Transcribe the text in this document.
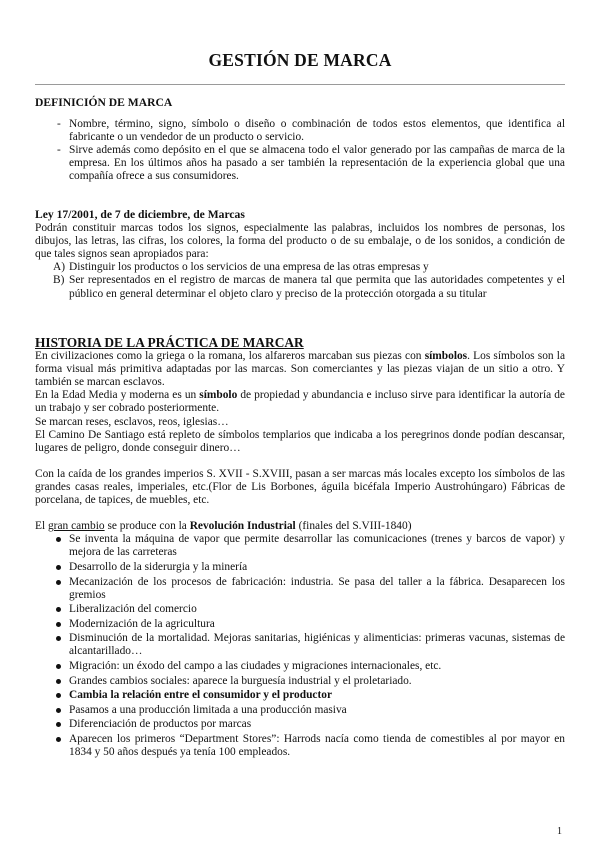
GESTIÓN DE MARCA
DEFINICIÓN DE MARCA
- Nombre, término, signo, símbolo o diseño o combinación de todos estos elementos, que identifica al fabricante o un vendedor de un producto o servicio.
- Sirve además como depósito en el que se almacena todo el valor generado por las campañas de marca de la empresa. En los últimos años ha pasado a ser también la representación de la experiencia global que una compañía ofrece a sus consumidores.
Ley 17/2001, de 7 de diciembre, de Marcas
Podrán constituir marcas todos los signos, especialmente las palabras, incluidos los nombres de personas, los dibujos, las letras, las cifras, los colores, la forma del producto o de su embalaje, o de los sonidos, a condición de que tales signos sean apropiados para:
A) Distinguir los productos o los servicios de una empresa de las otras empresas y
B) Ser representados en el registro de marcas de manera tal que permita que las autoridades competentes y el público en general determinar el objeto claro y preciso de la protección otorgada a su titular
HISTORIA DE LA PRÁCTICA DE MARCAR
En civilizaciones como la griega o la romana, los alfareros marcaban sus piezas con símbolos. Los símbolos son la forma visual más primitiva adaptadas por las marcas. Son comerciantes y las piezas viajan de un sitio a otro. Y también se marcan esclavos.
En la Edad Media y moderna es un símbolo de propiedad y abundancia e incluso sirve para identificar la autoría de un trabajo y ser cobrado posteriormente.
Se marcan reses, esclavos, reos, iglesias…
El Camino De Santiago está repleto de símbolos templarios que indicaba a los peregrinos donde podían descansar, lugares de peligro, donde conseguir dinero…
Con la caída de los grandes imperios S. XVII - S.XVIII, pasan a ser marcas más locales excepto los símbolos de las grandes casas reales, imperiales, etc.(Flor de Lis Borbones, águila bicéfala Imperio Austrohúngaro) Fábricas de porcelana, de tapices, de muebles, etc.
El gran cambio se produce con la Revolución Industrial (finales del S.VIII-1840)
Se inventa la máquina de vapor que permite desarrollar las comunicaciones (trenes y barcos de vapor) y mejora de las carreteras
Desarrollo de la siderurgia y la minería
Mecanización de los procesos de fabricación: industria. Se pasa del taller a la fábrica. Desaparecen los gremios
Liberalización del comercio
Modernización de la agricultura
Disminución de la mortalidad. Mejoras sanitarias, higiénicas y alimenticias: primeras vacunas, sistemas de alcantarillado…
Migración: un éxodo del campo a las ciudades y migraciones internacionales, etc.
Grandes cambios sociales: aparece la burguesía industrial y el proletariado.
Cambia la relación entre el consumidor y el productor
Pasamos a una producción limitada a una producción masiva
Diferenciación de productos por marcas
Aparecen los primeros “Department Stores”: Harrods nacía como tienda de comestibles al por mayor en 1834 y 50 años después ya tenía 100 empleados.
1
